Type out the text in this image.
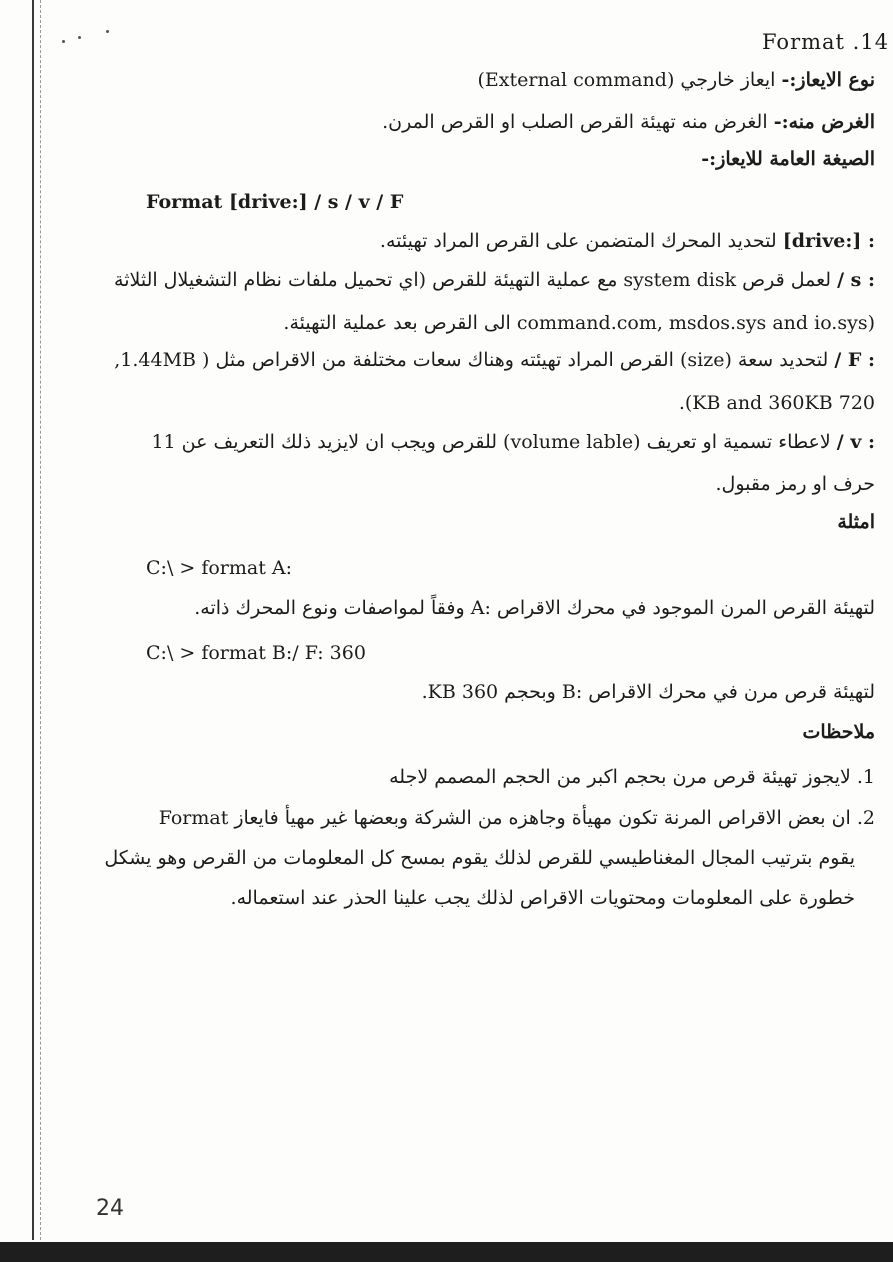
Format .14
نوع الايعاز:- ايعاز خارجي (External command)
الغرض منه:- الغرض منه تهيئة القرص الصلب او القرص المرن.
الصيغة العامة للايعاز:-
Format [drive:] / s / v / F
[drive:] : لتحديد المحرك المتضمن على القرص المراد تهيئته.
/ s : لعمل قرص system disk مع عملية التهيئة للقرص (اي تحميل ملفات نظام التشغيلال الثلاثة
(command.com, msdos.sys and io.sys الى القرص بعد عملية التهيئة.
/ F : لتحديد سعة (size) القرص المراد تهيئته وهناك سعات مختلفة من الاقراص مثل ( 1.44MB,
720 KB and 360KB).
/ v : لاعطاء تسمية او تعريف (volume lable) للقرص ويجب ان لايزيد ذلك التعريف عن 11
حرف او رمز مقبول.
امثلة
C:\ > format A:
لتهيئة القرص المرن الموجود في محرك الاقراص :A وفقاً لمواصفات ونوع المحرك ذاته.
C:\ > format B:/ F: 360
لتهيئة قرص مرن في محرك الاقراص :B وبحجم 360 KB.
ملاحظات
1. لايجوز تهيئة قرص مرن بحجم اكبر من الحجم المصمم لاجله
2. ان بعض الاقراص المرنة تكون مهيأة وجاهزه من الشركة وبعضها غير مهيأ فايعاز Format
يقوم بترتيب المجال المغناطيسي للقرص لذلك يقوم بمسح كل المعلومات من القرص وهو يشكل
خطورة على المعلومات ومحتويات الاقراص لذلك يجب علينا الحذر عند استعماله.
24
